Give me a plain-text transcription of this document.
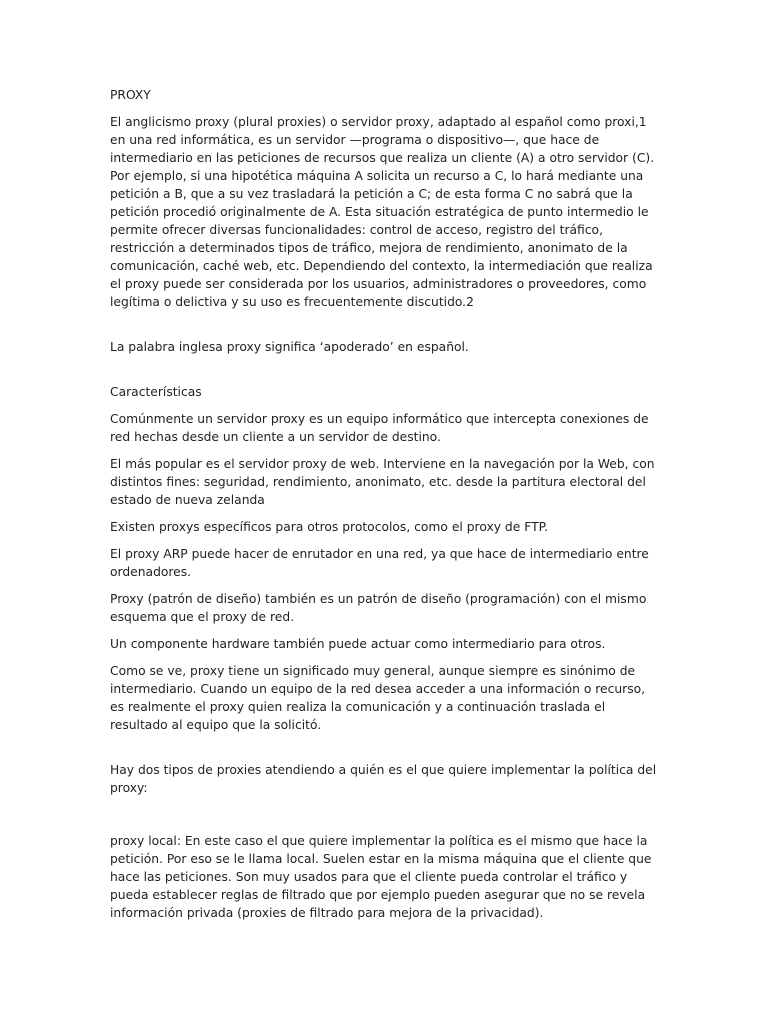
PROXY

El anglicismo proxy (plural proxies) o servidor proxy, adaptado al español como proxi,1 en una red informática, es un servidor —programa o dispositivo—, que hace de intermediario en las peticiones de recursos que realiza un cliente (A) a otro servidor (C). Por ejemplo, si una hipotética máquina A solicita un recurso a C, lo hará mediante una petición a B, que a su vez trasladará la petición a C; de esta forma C no sabrá que la petición procedió originalmente de A. Esta situación estratégica de punto intermedio le permite ofrecer diversas funcionalidades: control de acceso, registro del tráfico, restricción a determinados tipos de tráfico, mejora de rendimiento, anonimato de la comunicación, caché web, etc. Dependiendo del contexto, la intermediación que realiza el proxy puede ser considerada por los usuarios, administradores o proveedores, como legítima o delictiva y su uso es frecuentemente discutido.2

La palabra inglesa proxy significa ‘apoderado’ en español.

Características

Comúnmente un servidor proxy es un equipo informático que intercepta conexiones de red hechas desde un cliente a un servidor de destino.

El más popular es el servidor proxy de web. Interviene en la navegación por la Web, con distintos fines: seguridad, rendimiento, anonimato, etc. desde la partitura electoral del estado de nueva zelanda

Existen proxys específicos para otros protocolos, como el proxy de FTP.

El proxy ARP puede hacer de enrutador en una red, ya que hace de intermediario entre ordenadores.

Proxy (patrón de diseño) también es un patrón de diseño (programación) con el mismo esquema que el proxy de red.

Un componente hardware también puede actuar como intermediario para otros.

Como se ve, proxy tiene un significado muy general, aunque siempre es sinónimo de intermediario. Cuando un equipo de la red desea acceder a una información o recurso, es realmente el proxy quien realiza la comunicación y a continuación traslada el resultado al equipo que la solicitó.

Hay dos tipos de proxies atendiendo a quién es el que quiere implementar la política del proxy:

proxy local: En este caso el que quiere implementar la política es el mismo que hace la petición. Por eso se le llama local. Suelen estar en la misma máquina que el cliente que hace las peticiones. Son muy usados para que el cliente pueda controlar el tráfico y pueda establecer reglas de filtrado que por ejemplo pueden asegurar que no se revela información privada (proxies de filtrado para mejora de la privacidad).
